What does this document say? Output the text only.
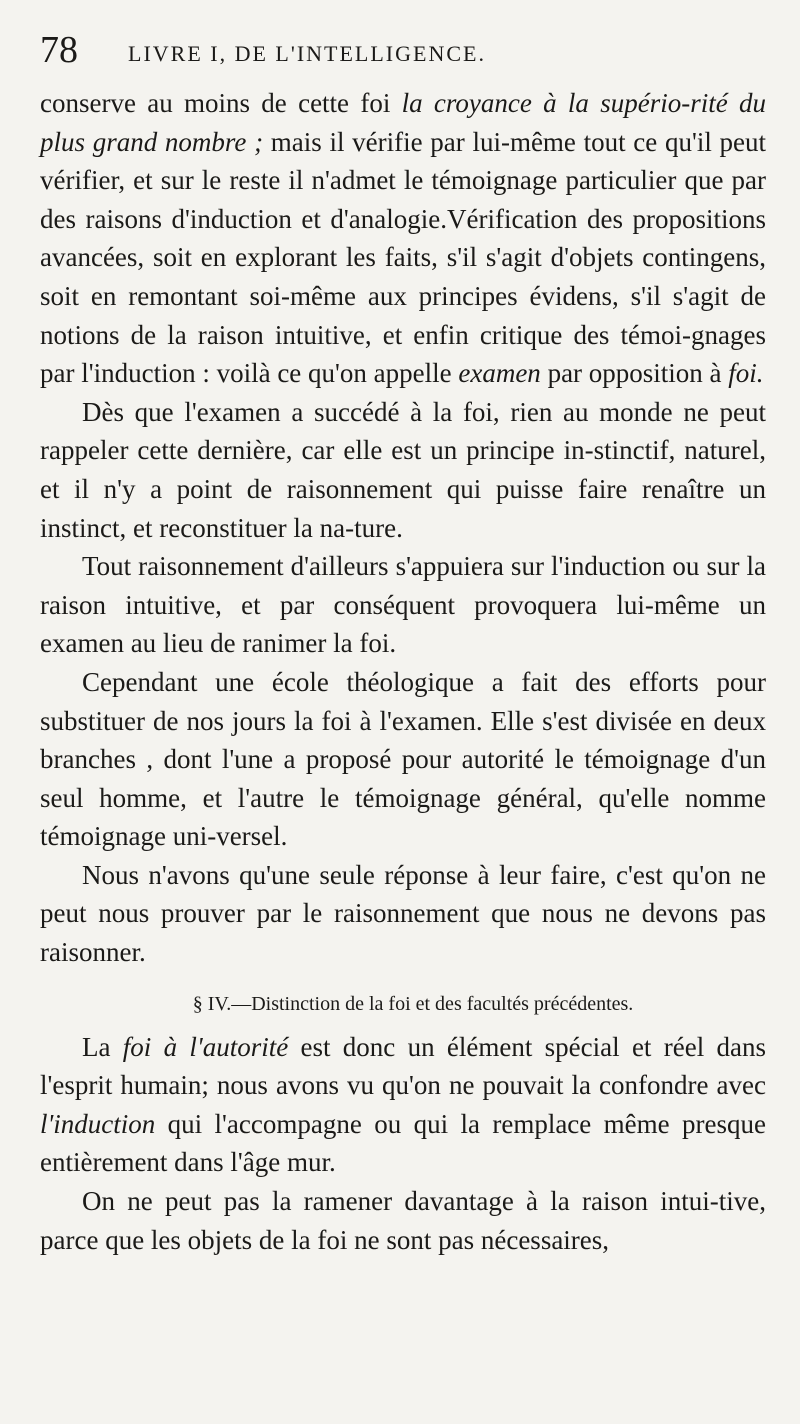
78 LIVRE I, DE L'INTELLIGENCE.

conserve au moins de cette foi la croyance à la supério-rité du plus grand nombre ; mais il vérifie par lui-même tout ce qu'il peut vérifier, et sur le reste il n'admet le témoignage particulier que par des raisons d'induction et d'analogie.Vérification des propositions avancées, soit en explorant les faits, s'il s'agit d'objets contingens, soit en remontant soi-même aux principes évidens, s'il s'agit de notions de la raison intuitive, et enfin critique des témoi-gnages par l'induction : voilà ce qu'on appelle examen par opposition à foi.

Dès que l'examen a succédé à la foi, rien au monde ne peut rappeler cette dernière, car elle est un principe in-stinctif, naturel, et il n'y a point de raisonnement qui puisse faire renaître un instinct, et reconstituer la na-ture.

Tout raisonnement d'ailleurs s'appuiera sur l'induction ou sur la raison intuitive, et par conséquent provoquera lui-même un examen au lieu de ranimer la foi.

Cependant une école théologique a fait des efforts pour substituer de nos jours la foi à l'examen. Elle s'est divisée en deux branches , dont l'une a proposé pour autorité le témoignage d'un seul homme, et l'autre le témoignage général, qu'elle nomme témoignage uni-versel.

Nous n'avons qu'une seule réponse à leur faire, c'est qu'on ne peut nous prouver par le raisonnement que nous ne devons pas raisonner.

§ IV.—Distinction de la foi et des facultés précédentes.

La foi à l'autorité est donc un élément spécial et réel dans l'esprit humain; nous avons vu qu'on ne pouvait la confondre avec l'induction qui l'accompagne ou qui la remplace même presque entièrement dans l'âge mur.

On ne peut pas la ramener davantage à la raison intui-tive, parce que les objets de la foi ne sont pas nécessaires,
